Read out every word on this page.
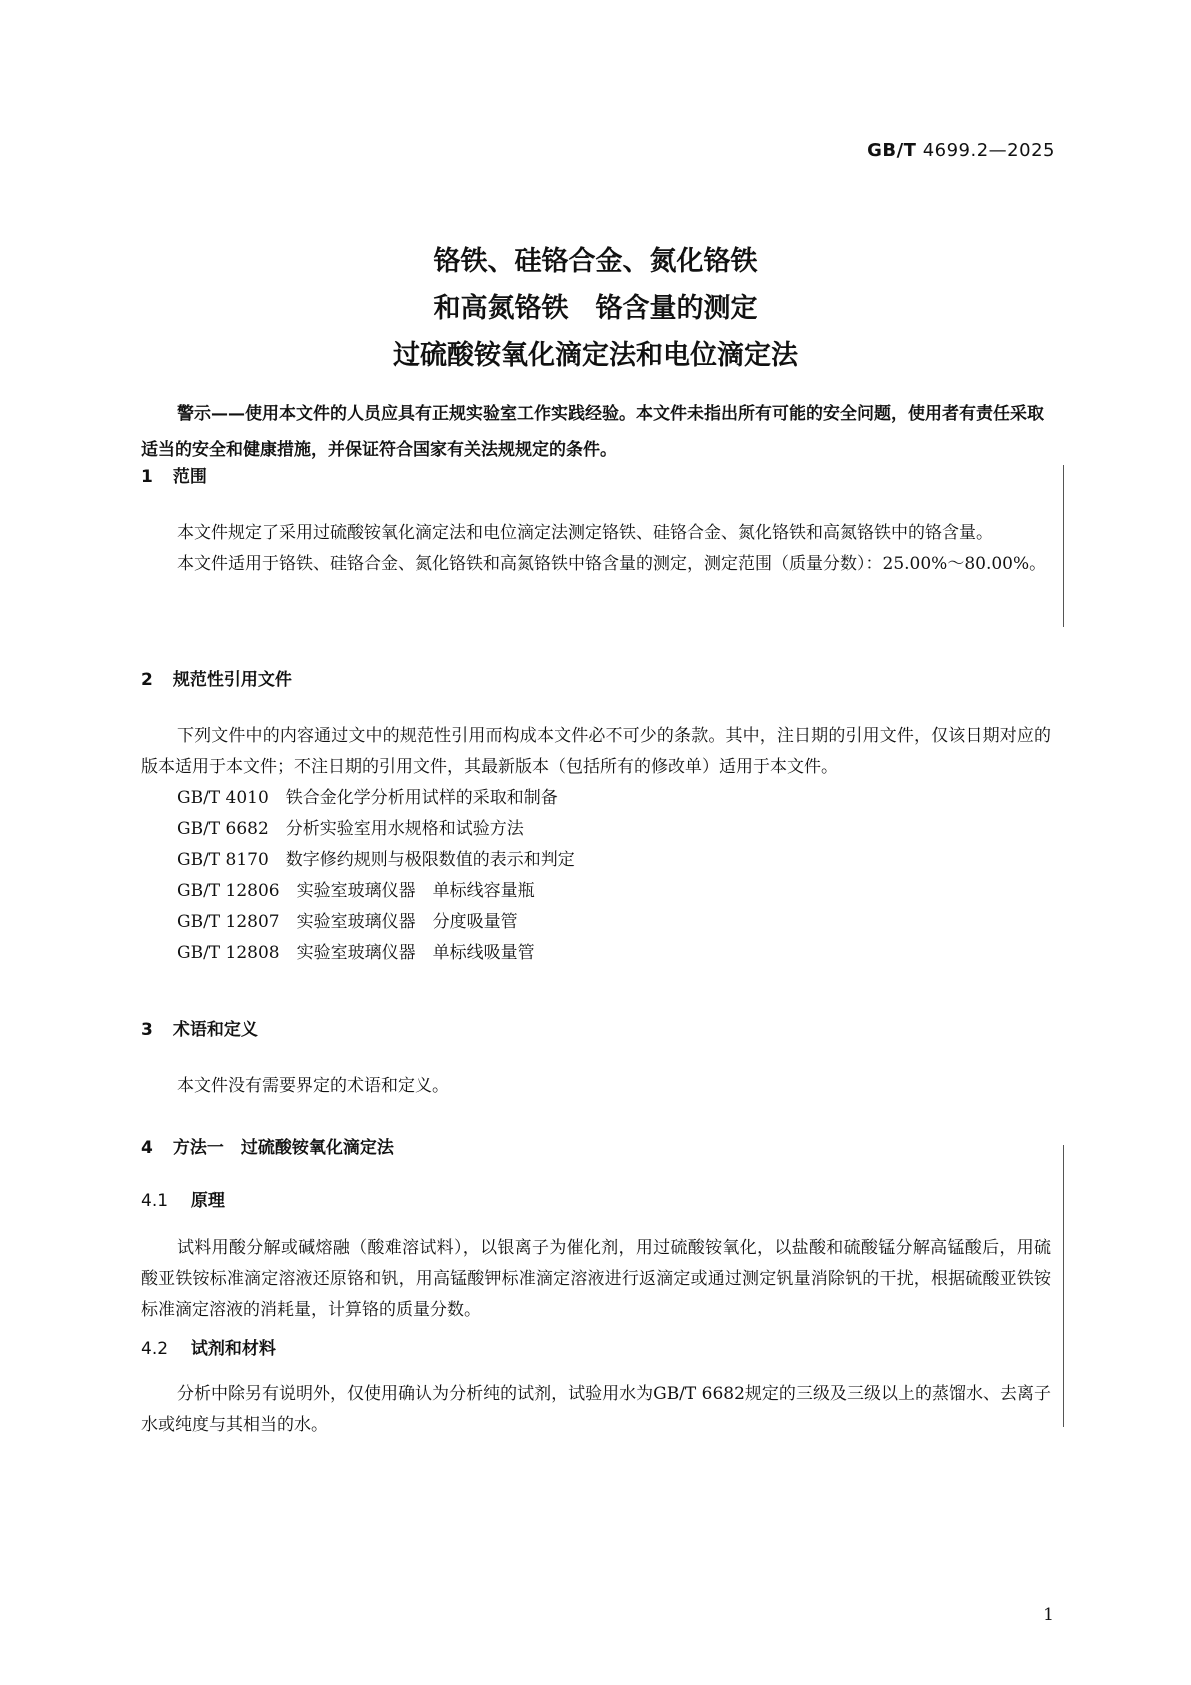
GB/T 4699.2—2025
铬铁、硅铬合金、氮化铬铁
和高氮铬铁　铬含量的测定
过硫酸铵氧化滴定法和电位滴定法
警示——使用本文件的人员应具有正规实验室工作实践经验。本文件未指出所有可能的安全问题，使用者有责任采取适当的安全和健康措施，并保证符合国家有关法规规定的条件。
1 范围
本文件规定了采用过硫酸铵氧化滴定法和电位滴定法测定铬铁、硅铬合金、氮化铬铁和高氮铬铁中的铬含量。
本文件适用于铬铁、硅铬合金、氮化铬铁和高氮铬铁中铬含量的测定，测定范围（质量分数）：25.00%～80.00%。
2 规范性引用文件
下列文件中的内容通过文中的规范性引用而构成本文件必不可少的条款。其中，注日期的引用文件，仅该日期对应的版本适用于本文件；不注日期的引用文件，其最新版本（包括所有的修改单）适用于本文件。
GB/T 4010　铁合金化学分析用试样的采取和制备
GB/T 6682　分析实验室用水规格和试验方法
GB/T 8170　数字修约规则与极限数值的表示和判定
GB/T 12806　实验室玻璃仪器　单标线容量瓶
GB/T 12807　实验室玻璃仪器　分度吸量管
GB/T 12808　实验室玻璃仪器　单标线吸量管
3 术语和定义
本文件没有需要界定的术语和定义。
4 方法一　过硫酸铵氧化滴定法
4.1 原理
试料用酸分解或碱熔融（酸难溶试料），以银离子为催化剂，用过硫酸铵氧化，以盐酸和硫酸锰分解高锰酸后，用硫酸亚铁铵标准滴定溶液还原铬和钒，用高锰酸钾标准滴定溶液进行返滴定或通过测定钒量消除钒的干扰，根据硫酸亚铁铵标准滴定溶液的消耗量，计算铬的质量分数。
4.2 试剂和材料
分析中除另有说明外，仅使用确认为分析纯的试剂，试验用水为GB/T 6682规定的三级及三级以上的蒸馏水、去离子水或纯度与其相当的水。
1
